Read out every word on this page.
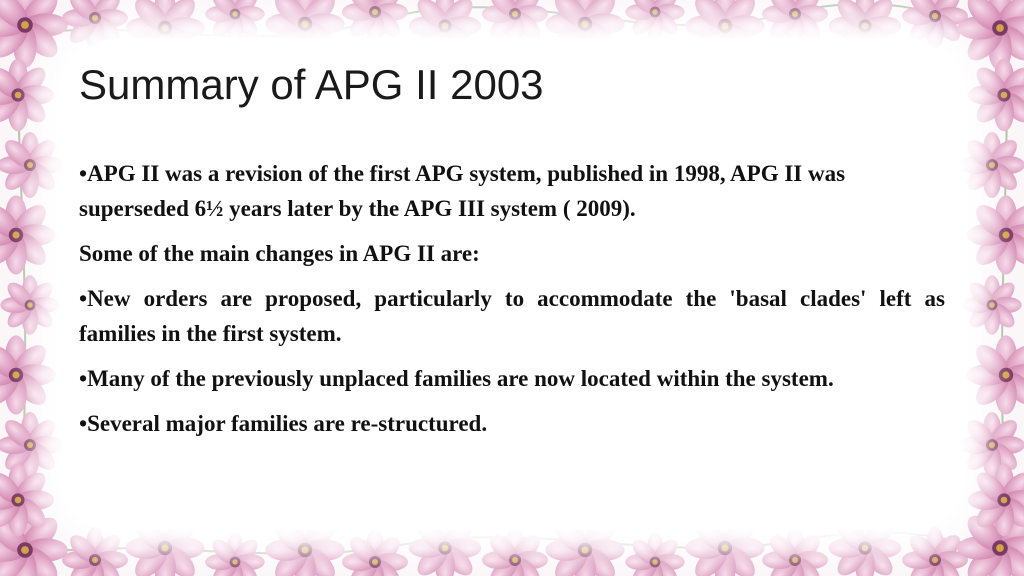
Summary of APG II 2003

•APG II was a revision of the first APG system, published in 1998, APG II was superseded 6½ years later by the APG III system ( 2009).

Some of the main changes in APG II are:

•New orders are proposed, particularly to accommodate the 'basal clades' left as families in the first system.

•Many of the previously unplaced families are now located within the system.

•Several major families are re-structured.
